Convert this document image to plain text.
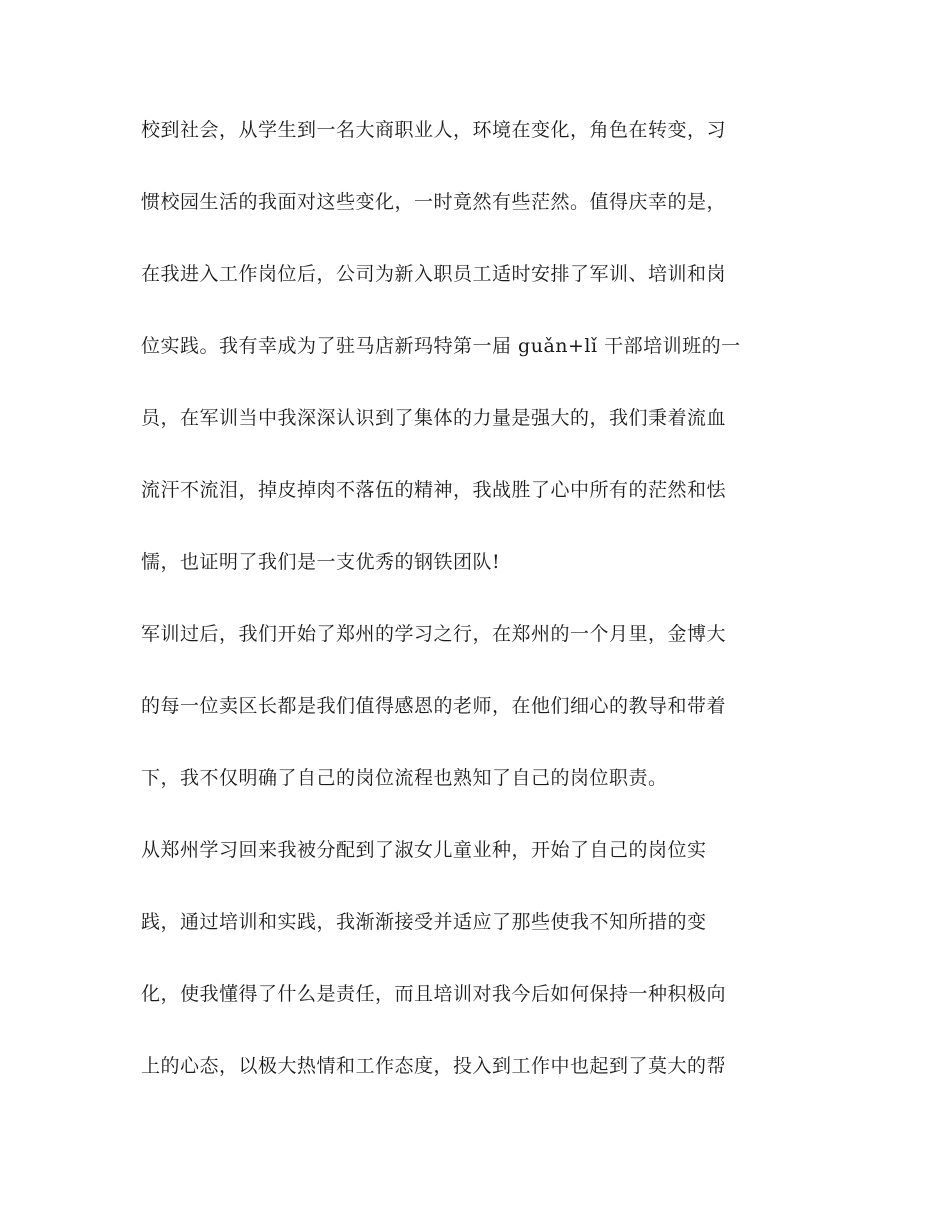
校到社会，从学生到一名大商职业人，环境在变化，角色在转变，习
惯校园生活的我面对这些变化，一时竟然有些茫然。值得庆幸的是，
在我进入工作岗位后，公司为新入职员工适时安排了军训、培训和岗
位实践。我有幸成为了驻马店新玛特第一届 guǎn+lǐ 干部培训班的一
员，在军训当中我深深认识到了集体的力量是强大的，我们秉着流血
流汗不流泪，掉皮掉肉不落伍的精神，我战胜了心中所有的茫然和怯
懦，也证明了我们是一支优秀的钢铁团队!
军训过后，我们开始了郑州的学习之行，在郑州的一个月里，金博大
的每一位卖区长都是我们值得感恩的老师，在他们细心的教导和带着
下，我不仅明确了自己的岗位流程也熟知了自己的岗位职责。
从郑州学习回来我被分配到了淑女儿童业种，开始了自己的岗位实
践，通过培训和实践，我渐渐接受并适应了那些使我不知所措的变
化，使我懂得了什么是责任，而且培训对我今后如何保持一种积极向
上的心态，以极大热情和工作态度，投入到工作中也起到了莫大的帮
